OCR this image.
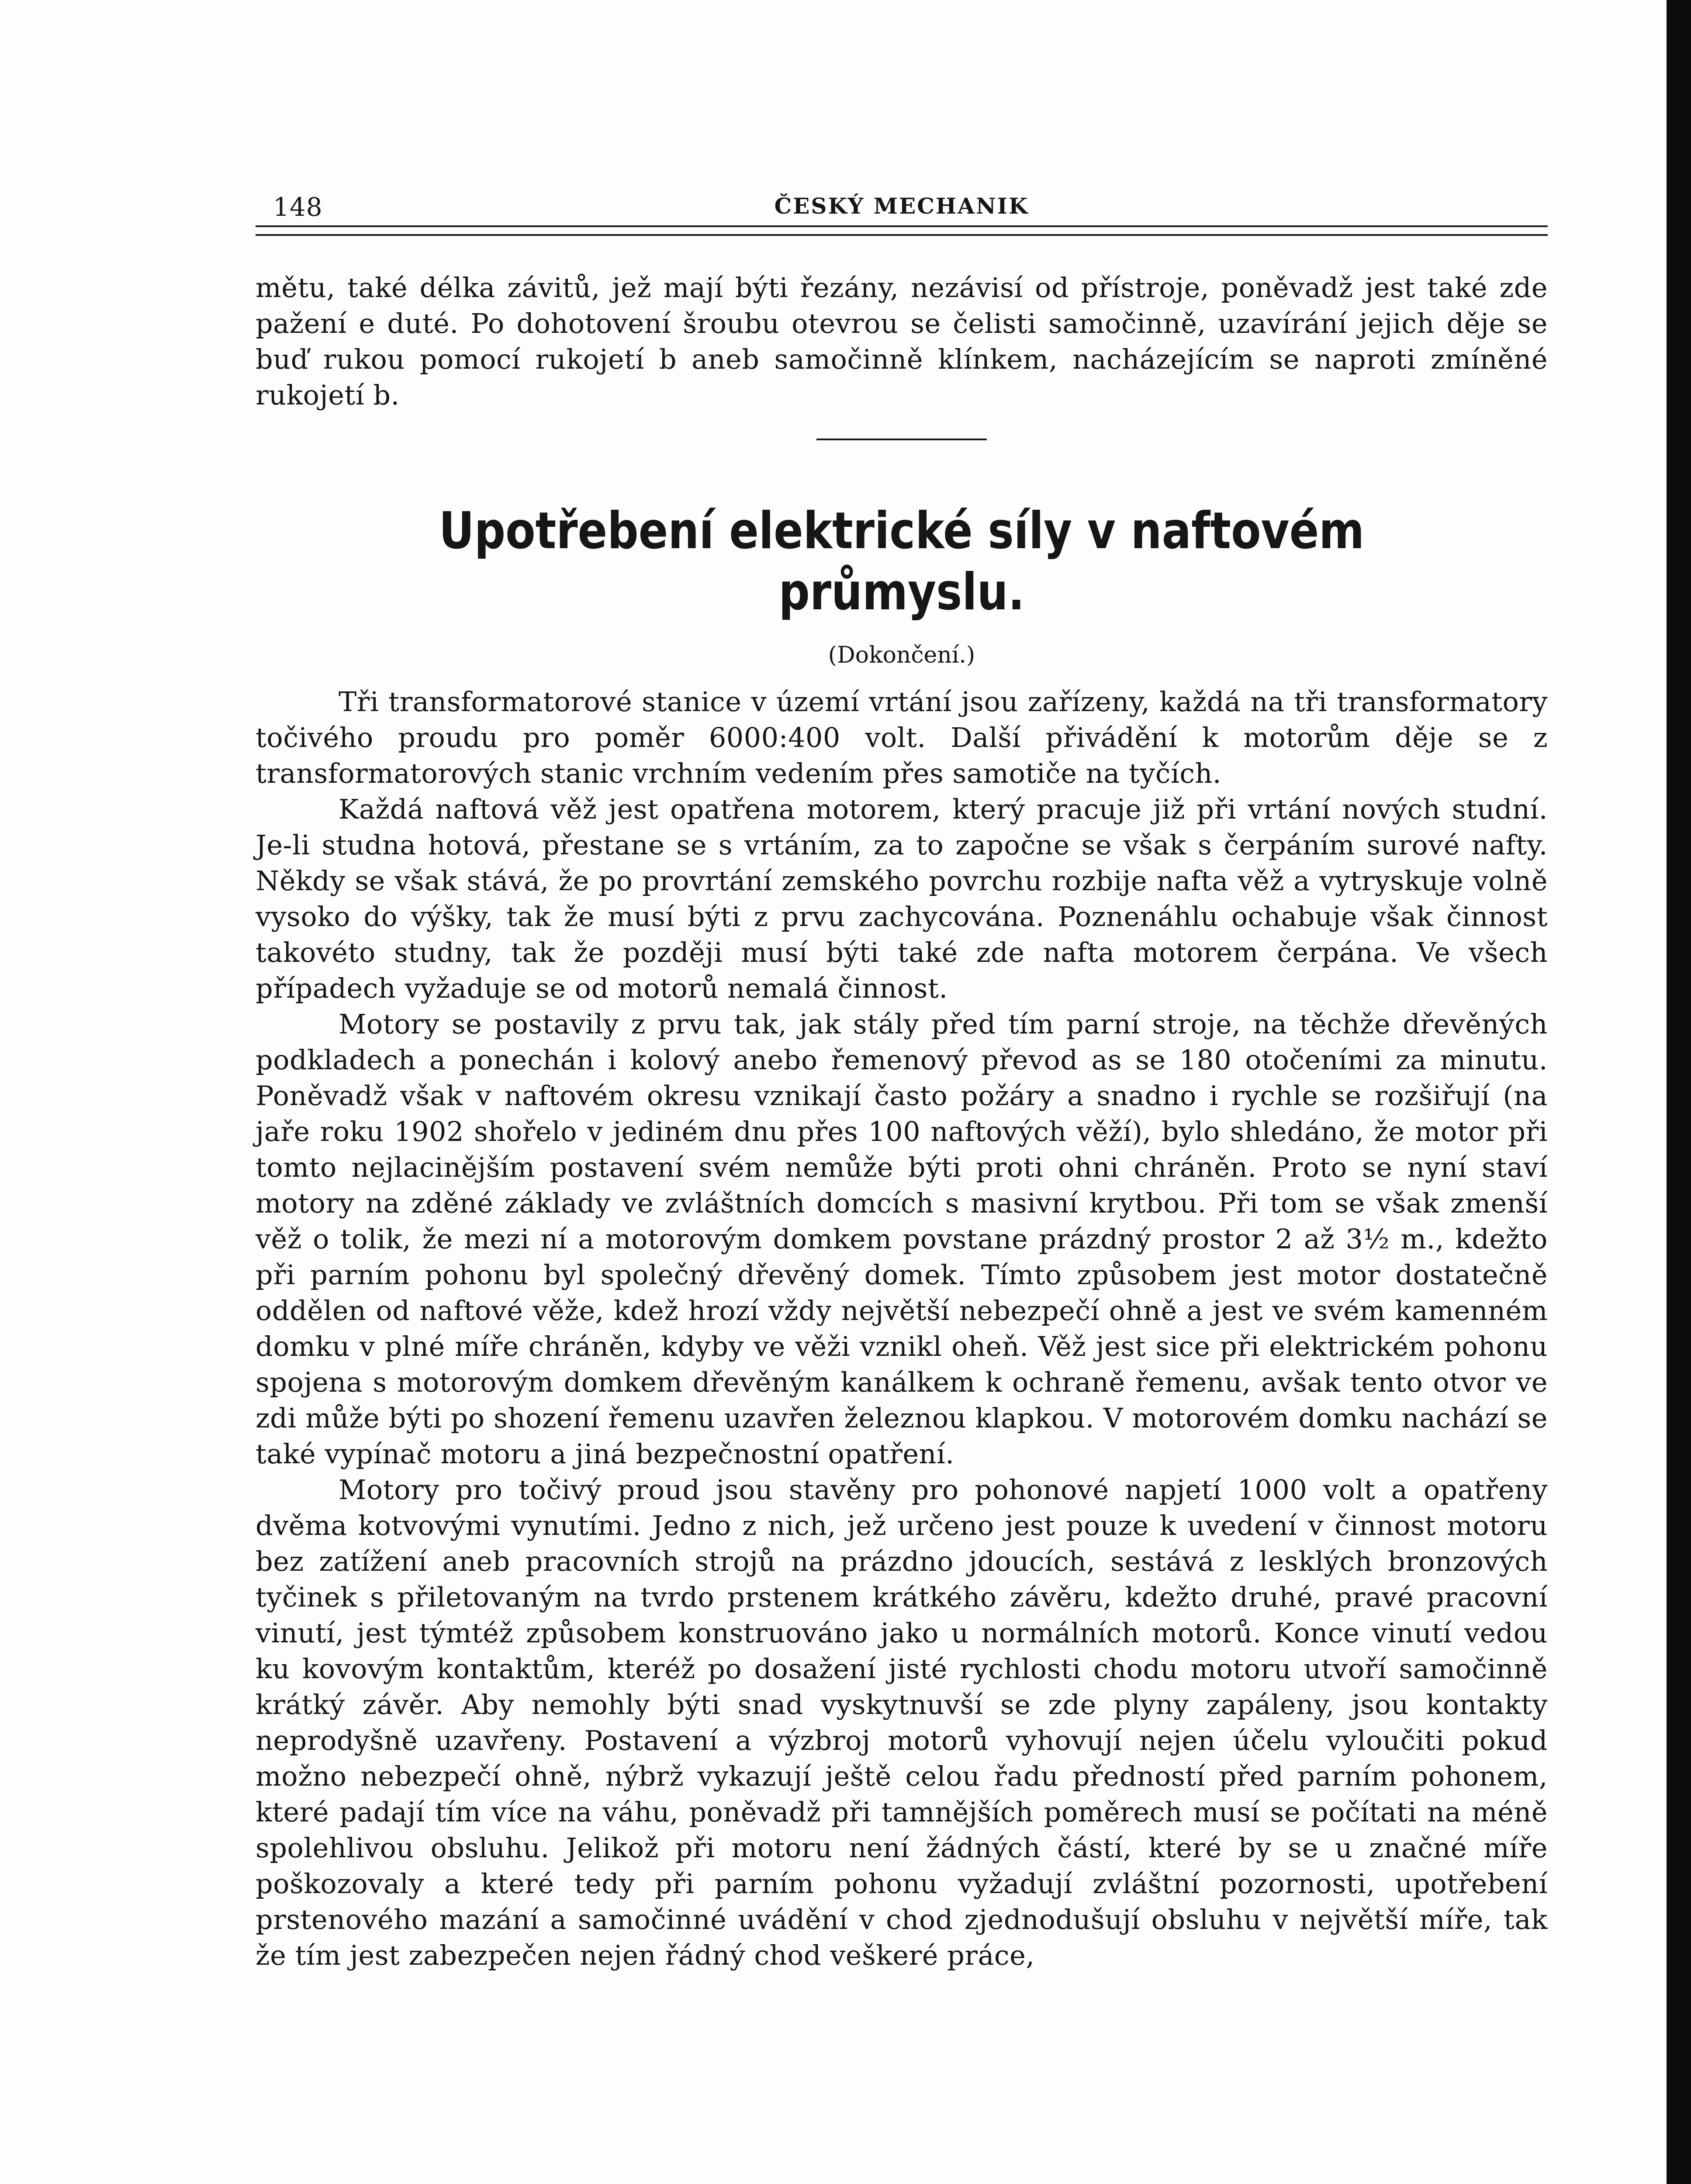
148	ČESKÝ MECHANIK

mětu, také délka závitů, jež mají býti řezány, nezávisí od přístroje, poněvadž jest také zde pažení e duté. Po dohotovení šroubu otevrou se čelisti samočinně, uzavírání jejich děje se buď rukou pomocí rukojetí b aneb samočinně klínkem, nacházejícím se naproti zmíněné rukojetí b.

Upotřebení elektrické síly v naftovém průmyslu.
(Dokončení.)

Tři transformatorové stanice v území vrtání jsou zařízeny, každá na tři transformatory točivého proudu pro poměr 6000:400 volt. Další přivádění k motorům děje se z transformatorových stanic vrchním vedením přes samotiče na tyčích.

Každá naftová věž jest opatřena motorem, který pracuje již při vrtání nových studní. Je-li studna hotová, přestane se s vrtáním, za to započne se však s čerpáním surové nafty. Někdy se však stává, že po provrtání zemského povrchu rozbije nafta věž a vytryskuje volně vysoko do výšky, tak že musí býti z prvu zachycována. Poznenáhlu ochabuje však činnost takovéto studny, tak že později musí býti také zde nafta motorem čerpána. Ve všech případech vyžaduje se od motorů nemalá činnost.

Motory se postavily z prvu tak, jak stály před tím parní stroje, na těchže dřevěných podkladech a ponechán i kolový anebo řemenový převod as se 180 otočeními za minutu. Poněvadž však v naftovém okresu vznikají často požáry a snadno i rychle se rozšiřují (na jaře roku 1902 shořelo v jediném dnu přes 100 naftových věží), bylo shledáno, že motor při tomto nejlacinějším postavení svém nemůže býti proti ohni chráněn. Proto se nyní staví motory na zděné základy ve zvláštních domcích s masivní krytbou. Při tom se však zmenší věž o tolik, že mezi ní a motorovým domkem povstane prázdný prostor 2 až 3½ m., kdežto při parním pohonu byl společný dřevěný domek. Tímto způsobem jest motor dostatečně oddělen od naftové věže, kdež hrozí vždy největší nebezpečí ohně a jest ve svém kamenném domku v plné míře chráněn, kdyby ve věži vznikl oheň. Věž jest sice při elektrickém pohonu spojena s motorovým domkem dřevěným kanálkem k ochraně řemenu, avšak tento otvor ve zdi může býti po shození řemenu uzavřen železnou klapkou. V motorovém domku nachází se také vypínač motoru a jiná bezpečnostní opatření.

Motory pro točivý proud jsou stavěny pro pohonové napjetí 1000 volt a opatřeny dvěma kotvovými vynutími. Jedno z nich, jež určeno jest pouze k uvedení v činnost motoru bez zatížení aneb pracovních strojů na prázdno jdoucích, sestává z lesklých bronzových tyčinek s přiletovaným na tvrdo prstenem krátkého závěru, kdežto druhé, pravé pracovní vinutí, jest týmtéž způsobem konstruováno jako u normálních motorů. Konce vinutí vedou ku kovovým kontaktům, kteréž po dosažení jisté rychlosti chodu motoru utvoří samočinně krátký závěr. Aby nemohly býti snad vyskytnuvší se zde plyny zapáleny, jsou kontakty neprodyšně uzavřeny. Postavení a výzbroj motorů vyhovují nejen účelu vyloučiti pokud možno nebezpečí ohně, nýbrž vykazují ještě celou řadu předností před parním pohonem, které padají tím více na váhu, poněvadž při tamnějších poměrech musí se počítati na méně spolehlivou obsluhu. Jelikož při motoru není žádných částí, které by se u značné míře poškozovaly a které tedy při parním pohonu vyžadují zvláštní pozornosti, upotřebení prstenového mazání a samočinné uvádění v chod zjednodušují obsluhu v největší míře, tak že tím jest zabezpečen nejen řádný chod veškeré práce,
